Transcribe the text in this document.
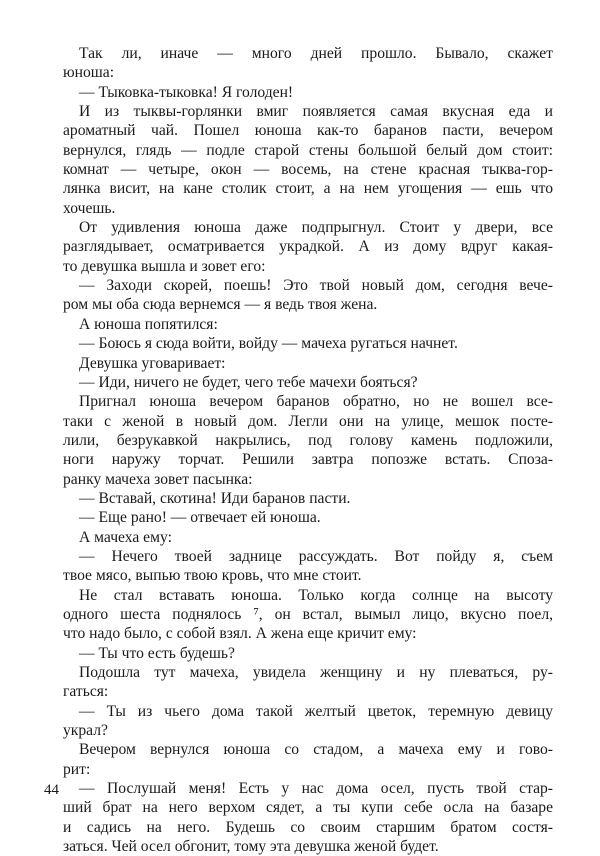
Так ли, иначе — много дней прошло. Бывало, скажет
юноша:
— Тыковка-тыковка! Я голоден!
И из тыквы-горлянки вмиг появляется самая вкусная еда и
ароматный чай. Пошел юноша как-то баранов пасти, вечером
вернулся, глядь — подле старой стены большой белый дом стоит:
комнат — четыре, окон — восемь, на стене красная тыква-гор-
лянка висит, на кане столик стоит, а на нем угощения — ешь что
хочешь.
От удивления юноша даже подпрыгнул. Стоит у двери, все
разглядывает, осматривается украдкой. А из дому вдруг какая-
то девушка вышла и зовет его:
— Заходи скорей, поешь! Это твой новый дом, сегодня вече-
ром мы оба сюда вернемся — я ведь твоя жена.
А юноша попятился:
— Боюсь я сюда войти, войду — мачеха ругаться начнет.
Девушка уговаривает:
— Иди, ничего не будет, чего тебе мачехи бояться?
Пригнал юноша вечером баранов обратно, но не вошел все-
таки с женой в новый дом. Легли они на улице, мешок посте-
лили, безрукавкой накрылись, под голову камень подложили,
ноги наружу торчат. Решили завтра попозже встать. Споза-
ранку мачеха зовет пасынка:
— Вставай, скотина! Иди баранов пасти.
— Еще рано! — отвечает ей юноша.
А мачеха ему:
— Нечего твоей заднице рассуждать. Вот пойду я, съем
твое мясо, выпью твою кровь, что мне стоит.
Не стал вставать юноша. Только когда солнце на высоту
одного шеста поднялось ⁷, он встал, вымыл лицо, вкусно поел,
что надо было, с собой взял. А жена еще кричит ему:
— Ты что есть будешь?
Подошла тут мачеха, увидела женщину и ну плеваться, ру-
гаться:
— Ты из чьего дома такой желтый цветок, теремную девицу
украл?
Вечером вернулся юноша со стадом, а мачеха ему и гово-
рит:
— Послушай меня! Есть у нас дома осел, пусть твой стар-
ший брат на него верхом сядет, а ты купи себе осла на базаре
и садись на него. Будешь со своим старшим братом состя-
заться. Чей осел обгонит, тому эта девушка женой будет.
44
